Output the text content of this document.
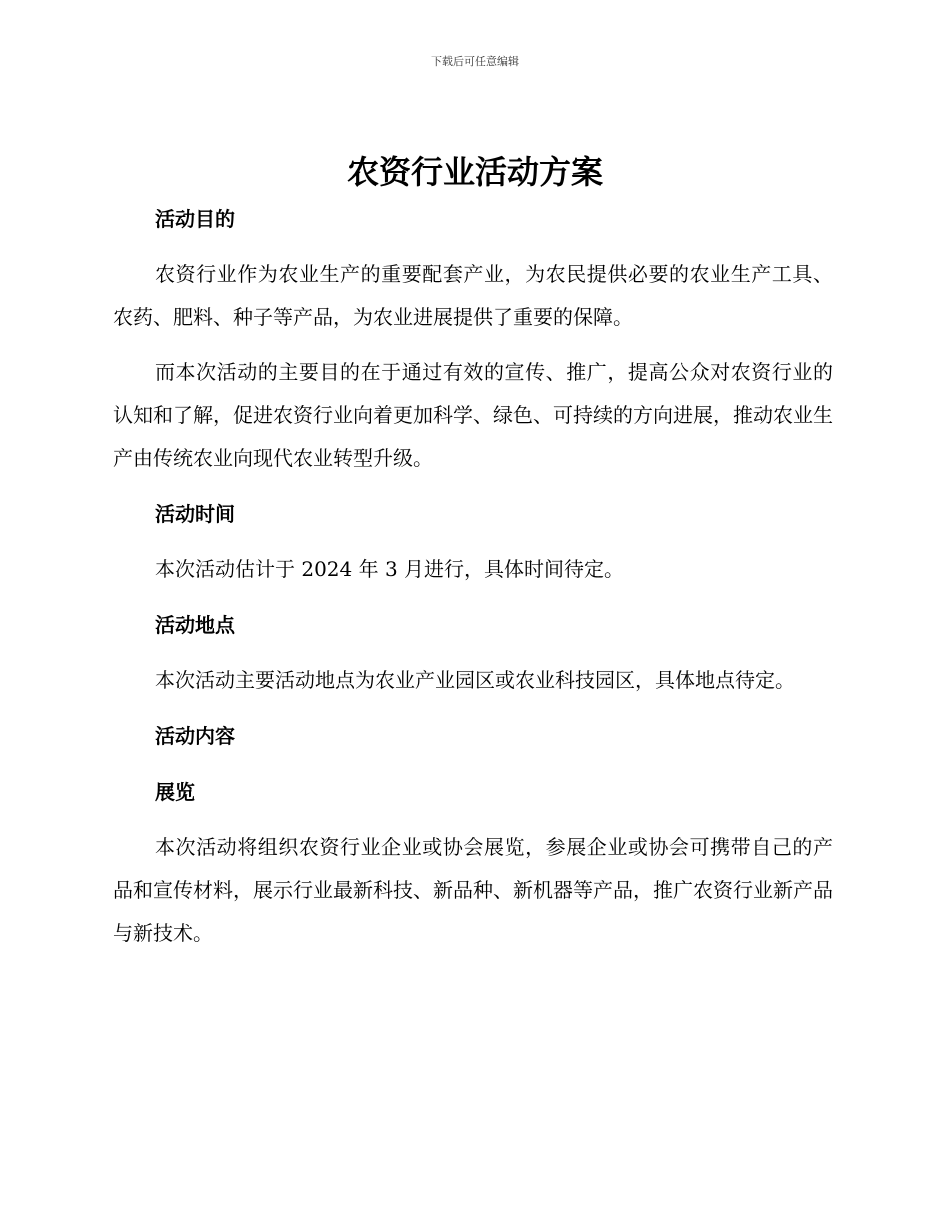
下载后可任意编辑
农资行业活动方案
活动目的

农资行业作为农业生产的重要配套产业，为农民提供必要的农业生产工具、农药、肥料、种子等产品，为农业进展提供了重要的保障。

而本次活动的主要目的在于通过有效的宣传、推广，提高公众对农资行业的认知和了解，促进农资行业向着更加科学、绿色、可持续的方向进展，推动农业生产由传统农业向现代农业转型升级。

活动时间

本次活动估计于 2024 年 3 月进行，具体时间待定。

活动地点

本次活动主要活动地点为农业产业园区或农业科技园区，具体地点待定。

活动内容
展览

本次活动将组织农资行业企业或协会展览，参展企业或协会可携带自己的产品和宣传材料，展示行业最新科技、新品种、新机器等产品，推广农资行业新产品与新技术。
